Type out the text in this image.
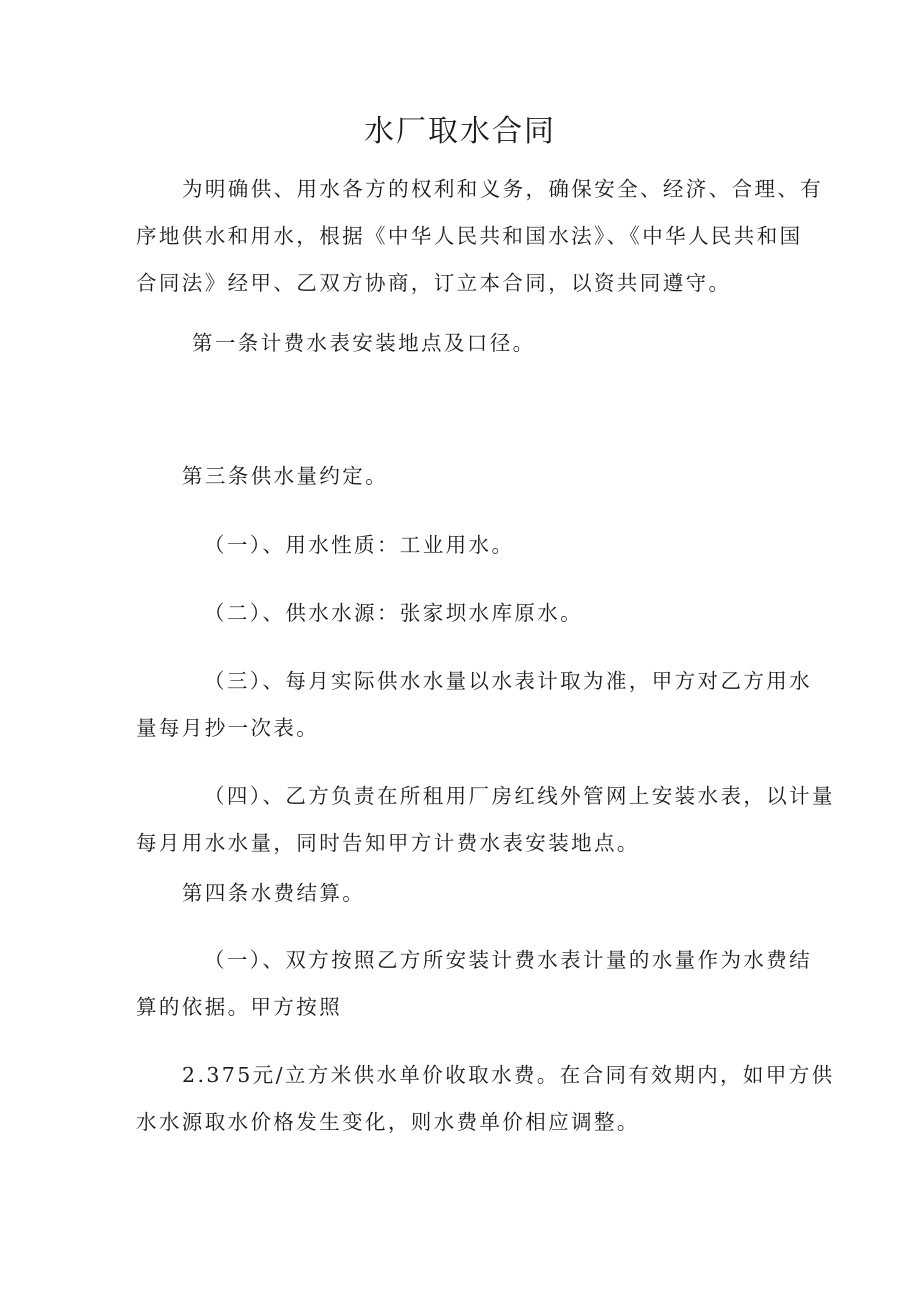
水厂取水合同

为明确供、用水各方的权利和义务，确保安全、经济、合理、有
序地供水和用水，根据《中华人民共和国水法》、《中华人民共和国
合同法》经甲、乙双方协商，订立本合同，以资共同遵守。

第一条计费水表安装地点及口径。

第三条供水量约定。

（一）、用水性质：工业用水。

（二）、供水水源：张家坝水库原水。

（三）、每月实际供水水量以水表计取为准，甲方对乙方用水
量每月抄一次表。

（四）、乙方负责在所租用厂房红线外管网上安装水表，以计量
每月用水水量，同时告知甲方计费水表安装地点。

第四条水费结算。

（一）、双方按照乙方所安装计费水表计量的水量作为水费结
算的依据。甲方按照

2.375元/立方米供水单价收取水费。在合同有效期内，如甲方供
水水源取水价格发生变化，则水费单价相应调整。
